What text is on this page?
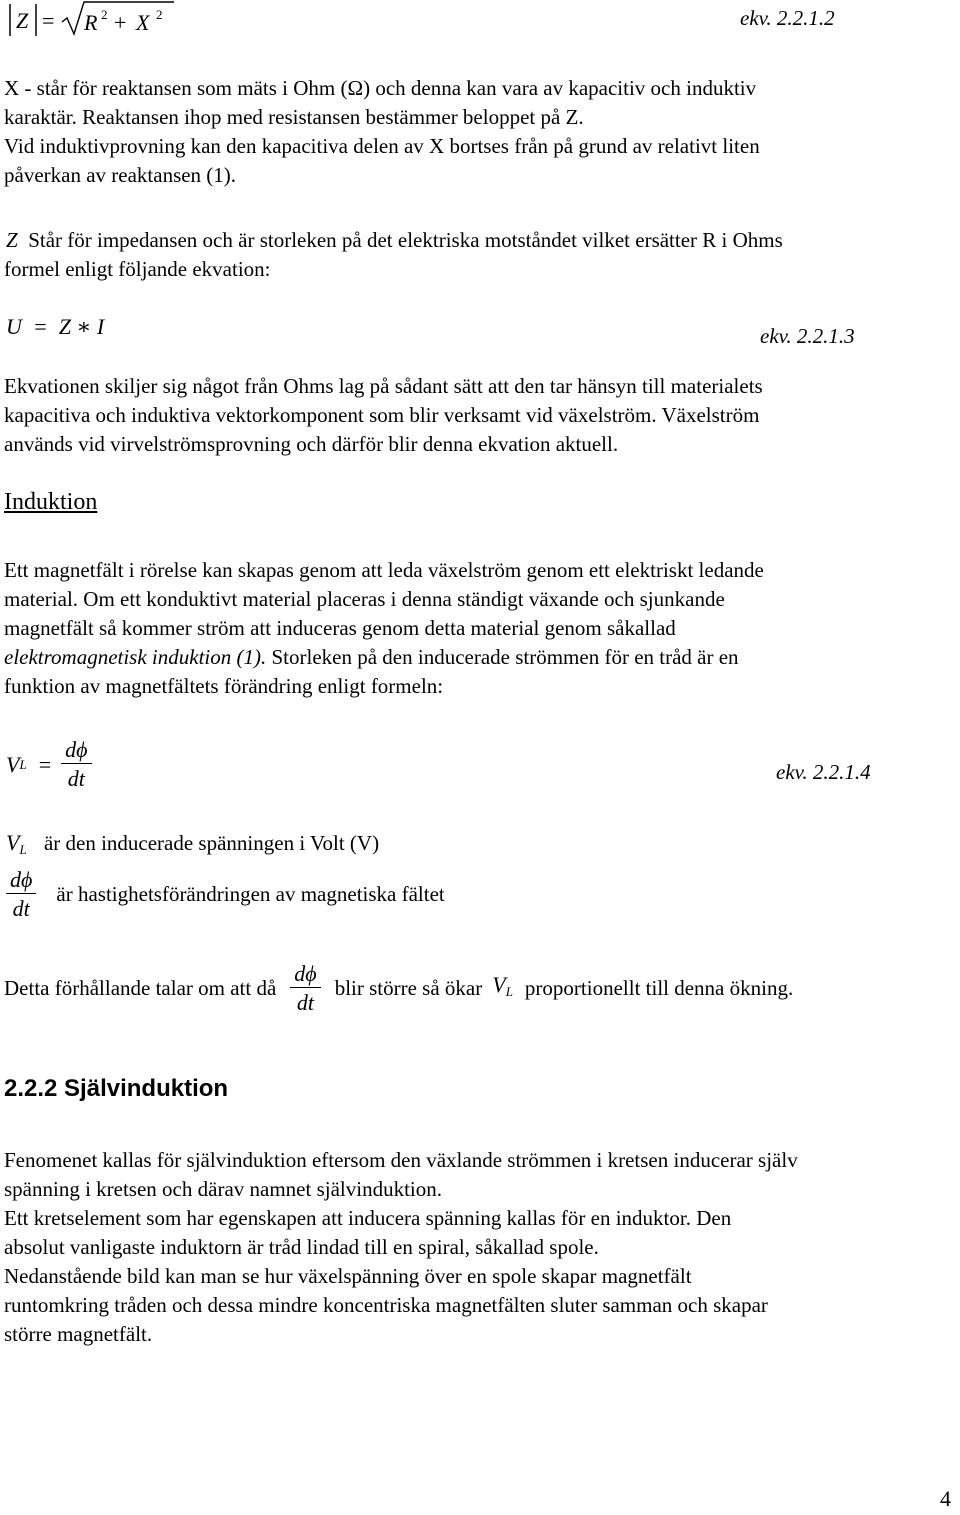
Z = R 2 + X 2	ekv. 2.2.1.2
X - står för reaktansen som mäts i Ohm (Ω) och denna kan vara av kapacitiv och induktiv
karaktär. Reaktansen ihop med resistansen bestämmer beloppet på Z.
Vid induktivprovning kan den kapacitiva delen av X bortses från på grund av relativt liten
påverkan av reaktansen (1).
Z Står för impedansen och är storleken på det elektriska motståndet vilket ersätter R i Ohms
formel enligt följande ekvation:
U  =  Z ∗ I	ekv. 2.2.1.3
Ekvationen skiljer sig något från Ohms lag på sådant sätt att den tar hänsyn till materialets
kapacitiva och induktiva vektorkomponent som blir verksamt vid växelström. Växelström
används vid virvelströmsprovning och därför blir denna ekvation aktuell.
Induktion
Ett magnetfält i rörelse kan skapas genom att leda växelström genom ett elektriskt ledande
material. Om ett konduktivt material placeras i denna ständigt växande och sjunkande
magnetfält så kommer ström att induceras genom detta material genom såkallad
elektromagnetisk induktion (1). Storleken på den inducerade strömmen för en tråd är en
funktion av magnetfältets förändring enligt formeln:
V $L = \frac{d\phi}{dt}$	ekv. 2.2.1.4
$V_L$ är den inducerade spänningen i Volt (V)
$\frac{d\phi}{dt}$ är hastighetsförändringen av magnetiska fältet
Detta förhållande talar om att då $\frac{d\phi}{dt}$ blir större så ökar $V_L$ proportionellt till denna ökning.
2.2.2 Självinduktion
Fenomenet kallas för självinduktion eftersom den växlande strömmen i kretsen inducerar själv
spänning i kretsen och därav namnet självinduktion.
Ett kretselement som har egenskapen att inducera spänning kallas för en induktor. Den
absolut vanligaste induktorn är tråd lindad till en spiral, såkallad spole.
Nedanstående bild kan man se hur växelspänning över en spole skapar magnetfält
runtomkring tråden och dessa mindre koncentriska magnetfälten sluter samman och skapar
större magnetfält.
4
